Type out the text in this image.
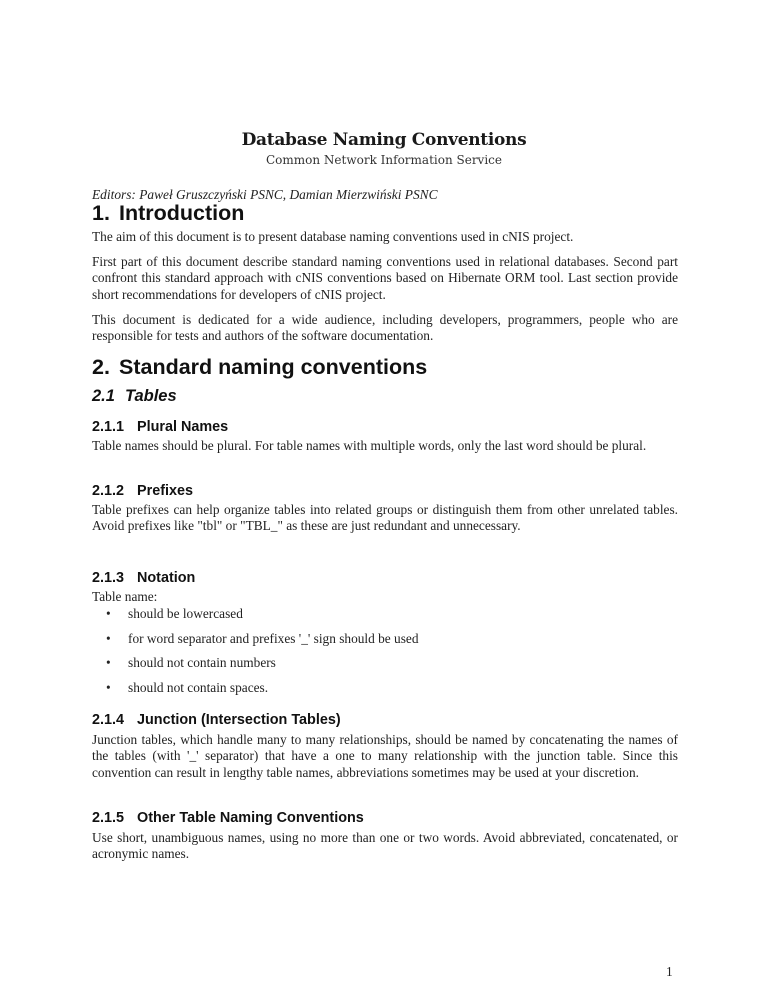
Database Naming Conventions
Common Network Information Service
Editors: Paweł Gruszczyński PSNC, Damian Mierzwiński PSNC
1. Introduction

The aim of this document is to present database naming conventions used in cNIS project.

First part of this document describe standard naming conventions used in relational databases. Second part confront this standard approach with cNIS conventions based on Hibernate ORM tool. Last section provide short recommendations for developers of cNIS project.

This document is dedicated for a wide audience, including developers, programmers, people who are responsible for tests and authors of the software documentation.

2. Standard naming conventions
2.1 Tables
2.1.1 Plural Names

Table names should be plural. For table names with multiple words, only the last word should be plural.

2.1.2 Prefixes

Table prefixes can help organize tables into related groups or distinguish them from other unrelated tables. Avoid prefixes like "tbl" or "TBL_" as these are just redundant and unnecessary.

2.1.3 Notation

Table name:

• should be lowercased
• for word separator and prefixes '_' sign should be used
• should not contain numbers
• should not contain spaces.
2.1.4 Junction (Intersection Tables)

Junction tables, which handle many to many relationships, should be named by concatenating the names of the tables (with '_' separator) that have a one to many relationship with the junction table. Since this convention can result in lengthy table names, abbreviations sometimes may be used at your discretion.

2.1.5 Other Table Naming Conventions

Use short, unambiguous names, using no more than one or two words. Avoid abbreviated, concatenated, or acronymic names.

1
